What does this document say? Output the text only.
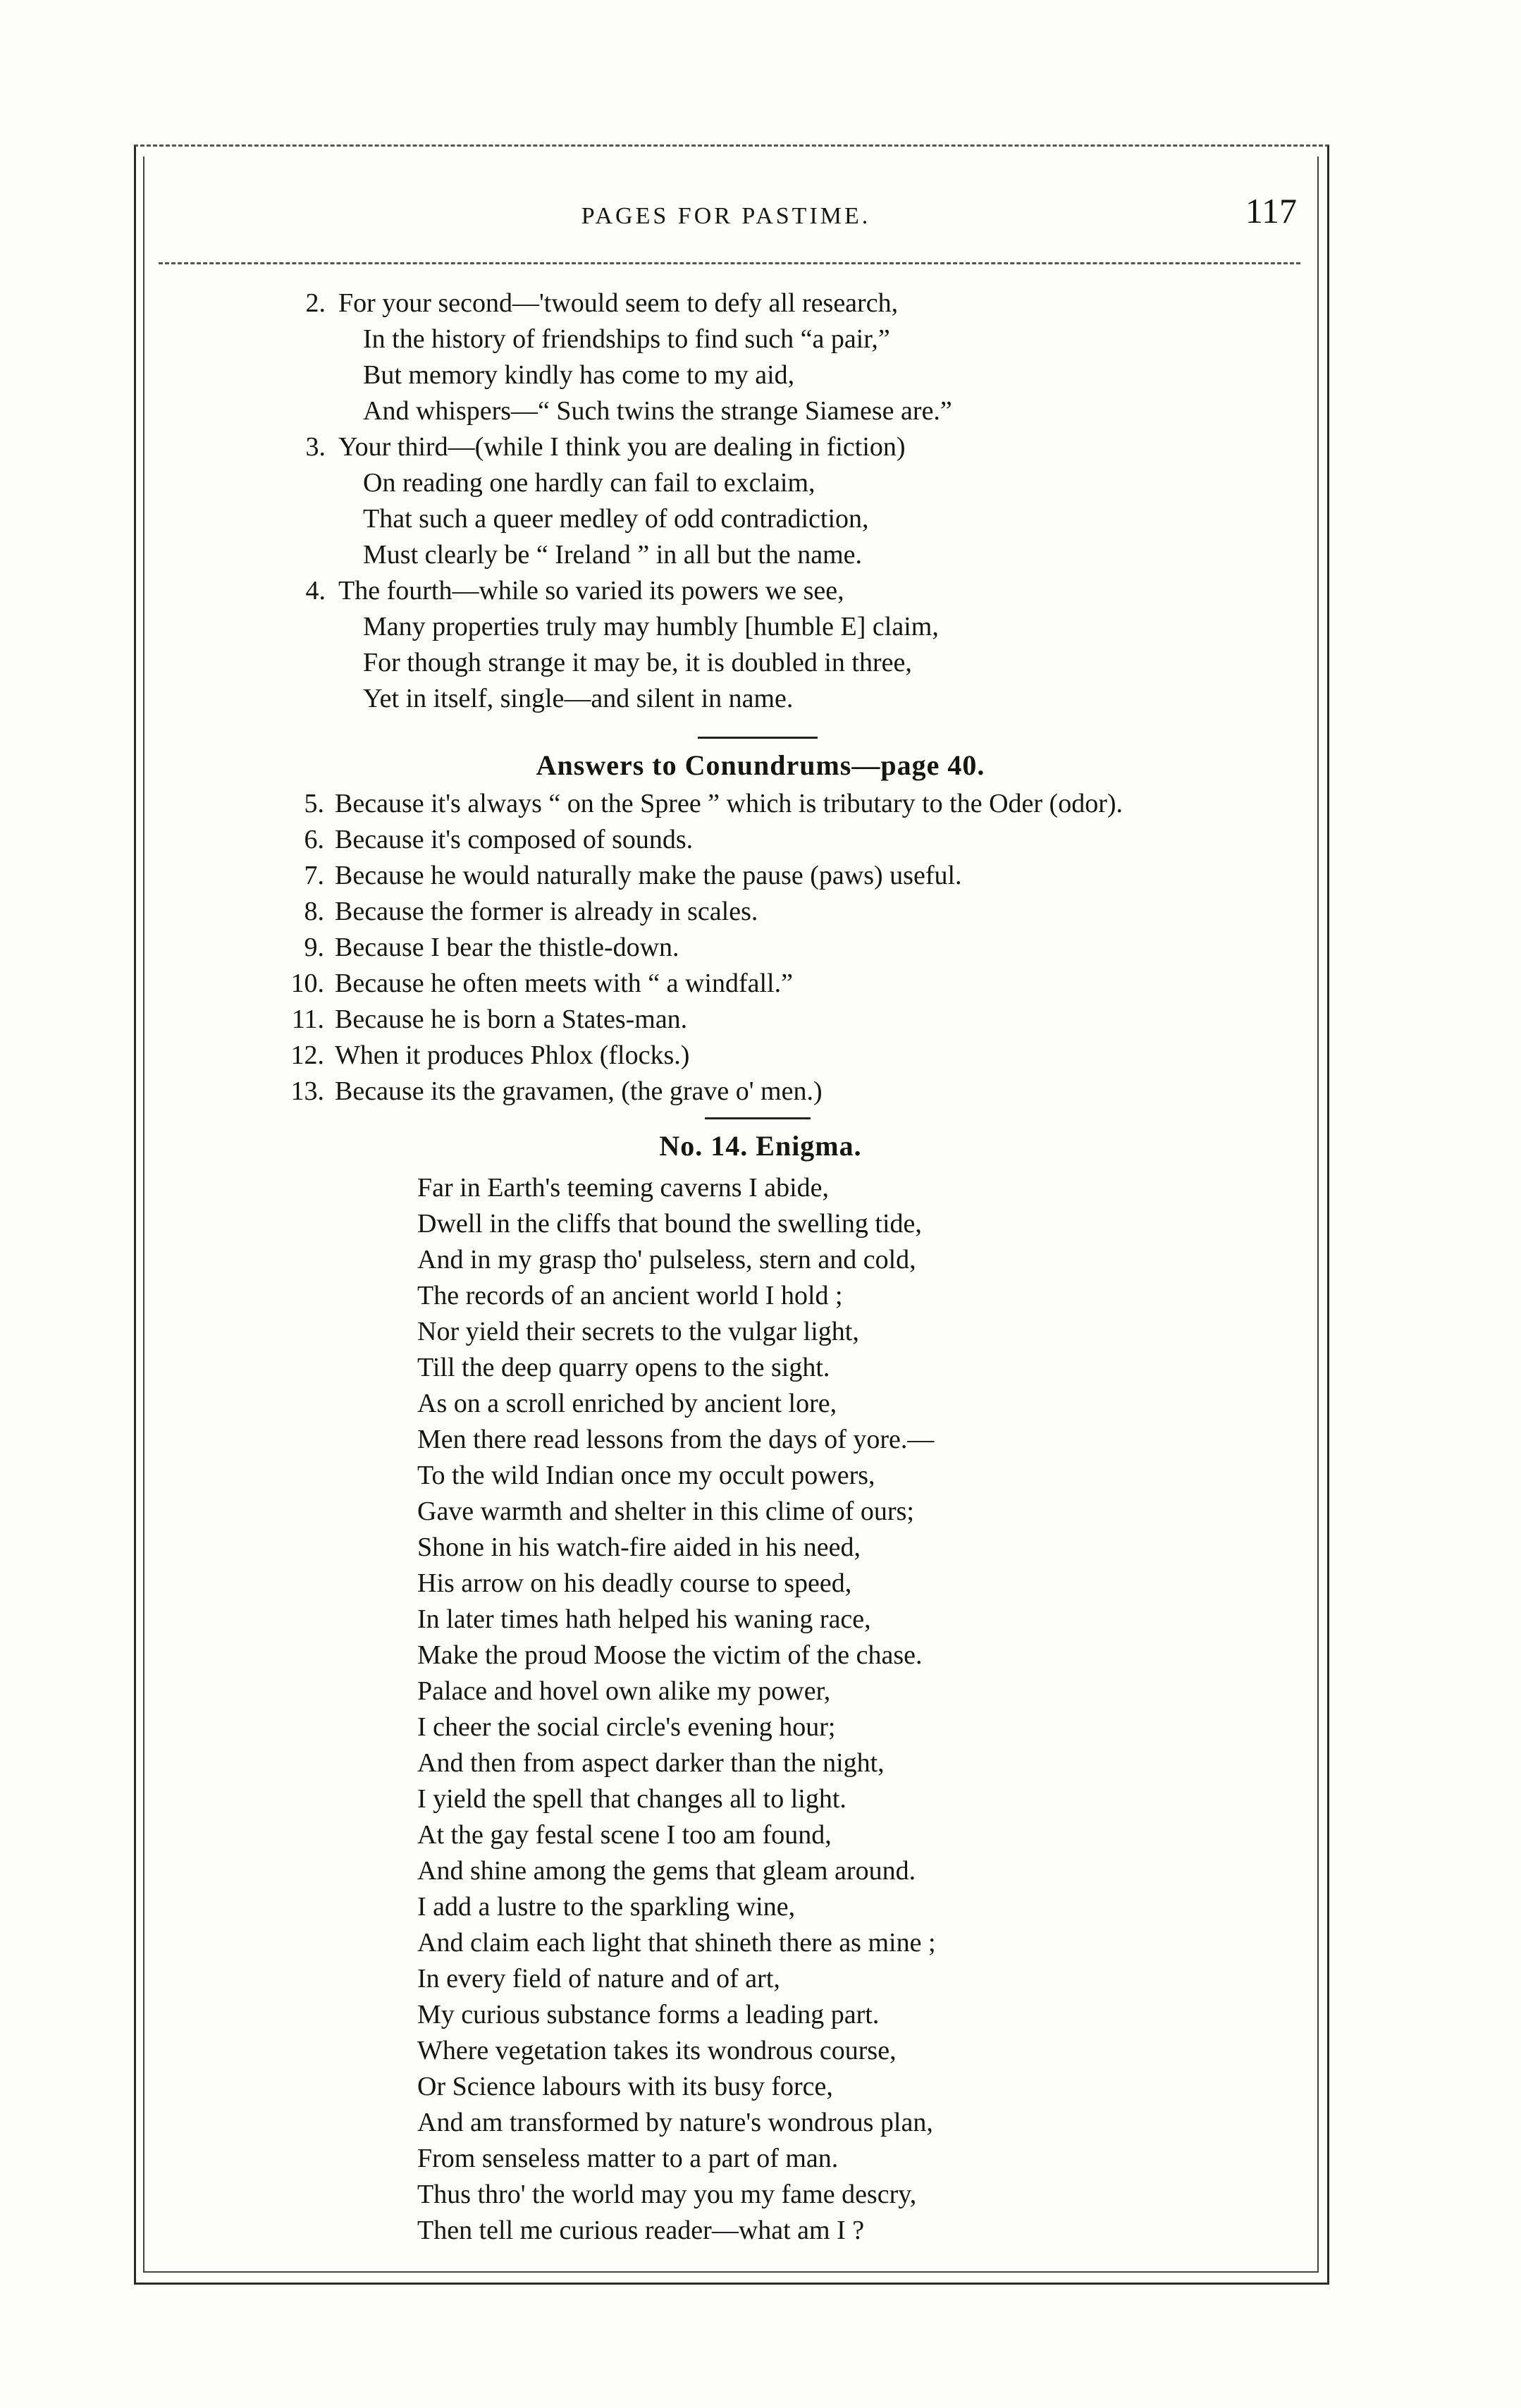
PAGES FOR PASTIME.	117
2. For your second—'twould seem to defy all research,
In the history of friendships to find such “a pair,”
But memory kindly has come to my aid,
And whispers—“ Such twins the strange Siamese are.”
3. Your third—(while I think you are dealing in fiction)
On reading one hardly can fail to exclaim,
That such a queer medley of odd contradiction,
Must clearly be “ Ireland ” in all but the name.
4. The fourth—while so varied its powers we see,
Many properties truly may humbly [humble E] claim,
For though strange it may be, it is doubled in three,
Yet in itself, single—and silent in name.
Answers to Conundrums—page 40.
5. Because it's always “ on the Spree ” which is tributary to the Oder (odor).
6. Because it's composed of sounds.
7. Because he would naturally make the pause (paws) useful.
8. Because the former is already in scales.
9. Because I bear the thistle-down.
10. Because he often meets with “ a windfall.”
11. Because he is born a States-man.
12. When it produces Phlox (flocks.)
13. Because its the gravamen, (the grave o' men.)
No. 14. Enigma.
Far in Earth's teeming caverns I abide,
Dwell in the cliffs that bound the swelling tide,
And in my grasp tho' pulseless, stern and cold,
The records of an ancient world I hold ;
Nor yield their secrets to the vulgar light,
Till the deep quarry opens to the sight.
As on a scroll enriched by ancient lore,
Men there read lessons from the days of yore.—
To the wild Indian once my occult powers,
Gave warmth and shelter in this clime of ours;
Shone in his watch-fire aided in his need,
His arrow on his deadly course to speed,
In later times hath helped his waning race,
Make the proud Moose the victim of the chase.
Palace and hovel own alike my power,
I cheer the social circle's evening hour;
And then from aspect darker than the night,
I yield the spell that changes all to light.
At the gay festal scene I too am found,
And shine among the gems that gleam around.
I add a lustre to the sparkling wine,
And claim each light that shineth there as mine ;
In every field of nature and of art,
My curious substance forms a leading part.
Where vegetation takes its wondrous course,
Or Science labours with its busy force,
And am transformed by nature's wondrous plan,
From senseless matter to a part of man.
Thus thro' the world may you my fame descry,
Then tell me curious reader—what am I ?
